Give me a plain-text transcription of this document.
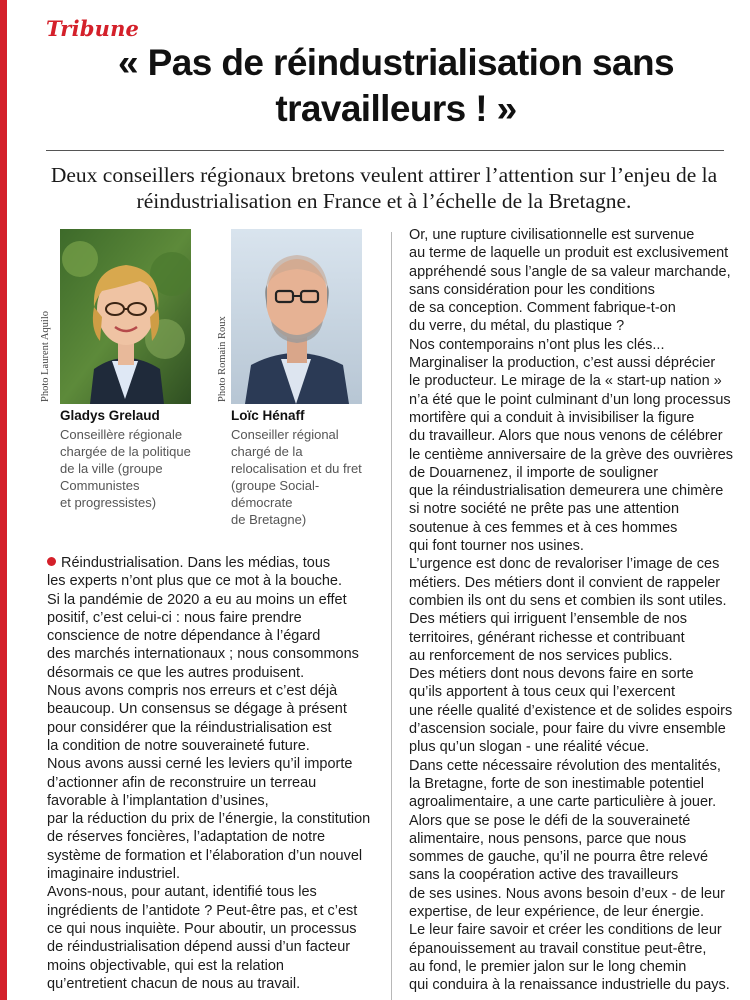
Tribune
« Pas de réindustrialisation sans travailleurs ! »

Deux conseillers régionaux bretons veulent attirer l’attention sur l’enjeu de la réindustrialisation en France et à l’échelle de la Bretagne.

Photo Laurent Aquilo

Gladys Grelaud

Conseillère régionale
chargée de la politique
de la ville (groupe
Communistes
et progressistes)
Photo Romain Roux

Loïc Hénaff

Conseiller régional
chargé de la
relocalisation et du fret
(groupe Social-
démocrate
de Bretagne)
Réindustrialisation. Dans les médias, tous
les experts n’ont plus que ce mot à la bouche.
Si la pandémie de 2020 a eu au moins un effet
positif, c’est celui-ci : nous faire prendre
conscience de notre dépendance à l’égard
des marchés internationaux ; nous consommons
désormais ce que les autres produisent.
Nous avons compris nos erreurs et c’est déjà
beaucoup. Un consensus se dégage à présent
pour considérer que la réindustrialisation est
la condition de notre souveraineté future.
Nous avons aussi cerné les leviers qu’il importe
d’actionner afin de reconstruire un terreau
favorable à l’implantation d’usines,
par la réduction du prix de l’énergie, la constitution
de réserves foncières, l’adaptation de notre
système de formation et l’élaboration d’un nouvel
imaginaire industriel.
Avons-nous, pour autant, identifié tous les
ingrédients de l’antidote ? Peut-être pas, et c’est
ce qui nous inquiète. Pour aboutir, un processus
de réindustrialisation dépend aussi d’un facteur
moins objectivable, qui est la relation
qu’entretient chacun de nous au travail.
Or, une rupture civilisationnelle est survenue
au terme de laquelle un produit est exclusivement
appréhendé sous l’angle de sa valeur marchande,
sans considération pour les conditions
de sa conception. Comment fabrique-t-on
du verre, du métal, du plastique ?
Nos contemporains n’ont plus les clés...
Marginaliser la production, c’est aussi déprécier
le producteur. Le mirage de la « start-up nation »
n’a été que le point culminant d’un long processus
mortifère qui a conduit à invisibiliser la figure
du travailleur. Alors que nous venons de célébrer
le centième anniversaire de la grève des ouvrières
de Douarnenez, il importe de souligner
que la réindustrialisation demeurera une chimère
si notre société ne prête pas une attention
soutenue à ces femmes et à ces hommes
qui font tourner nos usines.
L’urgence est donc de revaloriser l’image de ces
métiers. Des métiers dont il convient de rappeler
combien ils ont du sens et combien ils sont utiles.
Des métiers qui irriguent l’ensemble de nos
territoires, générant richesse et contribuant
au renforcement de nos services publics.
Des métiers dont nous devons faire en sorte
qu’ils apportent à tous ceux qui l’exercent
une réelle qualité d’existence et de solides espoirs
d’ascension sociale, pour faire du vivre ensemble
plus qu’un slogan - une réalité vécue.
Dans cette nécessaire révolution des mentalités,
la Bretagne, forte de son inestimable potentiel
agroalimentaire, a une carte particulière à jouer.
Alors que se pose le défi de la souveraineté
alimentaire, nous pensons, parce que nous
sommes de gauche, qu’il ne pourra être relevé
sans la coopération active des travailleurs
de ses usines. Nous avons besoin d’eux - de leur
expertise, de leur expérience, de leur énergie.
Le leur faire savoir et créer les conditions de leur
épanouissement au travail constitue peut-être,
au fond, le premier jalon sur le long chemin
qui conduira à la renaissance industrielle du pays.
